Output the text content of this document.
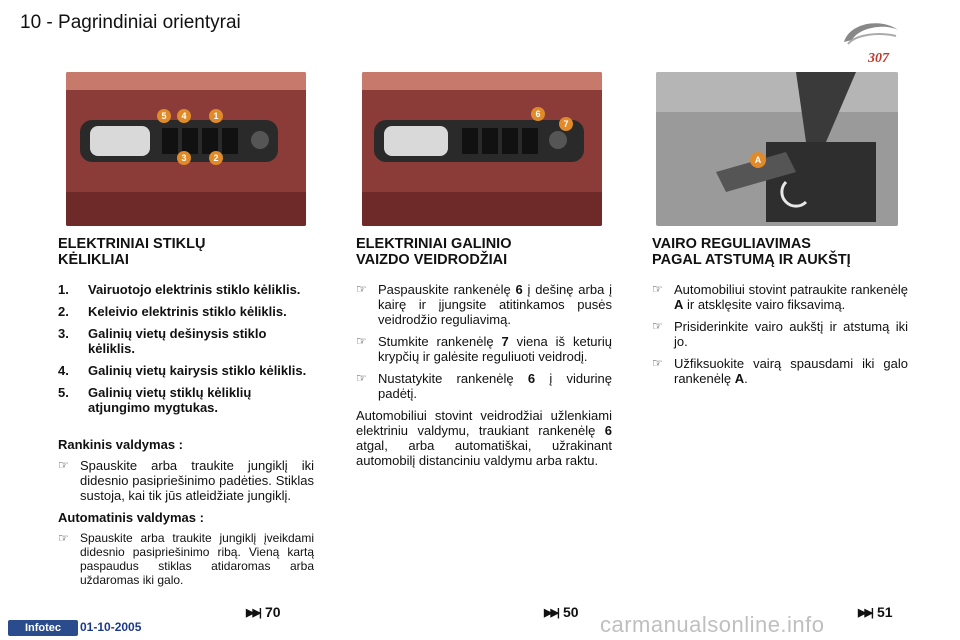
10 - Pagrindiniai orientyrai
307
5 4	1
3	2
6
7
A
ELEKTRINIAI STIKLŲ
KĖLIKLIAI
1.	Vairuotojo elektrinis stiklo kėliklis.
2.	Keleivio elektrinis stiklo kėliklis.
3.	Galinių vietų dešinysis stiklo kėliklis.
4.	Galinių vietų kairysis stiklo kėliklis.
5.	Galinių vietų stiklų kėliklių atjungimo mygtukas.
Rankinis valdymas :
☞ Spauskite arba traukite jungiklį iki didesnio pasipriešinimo padėties. Stiklas sustoja, kai tik jūs atleidžiate jungiklį.
Automatinis valdymas :
☞ Spauskite arba traukite jungiklį įveikdami didesnio pasipriešinimo ribą. Vieną kartą paspaudus stiklas atidaromas arba uždaromas iki galo.
ELEKTRINIAI GALINIO
VAIZDO VEIDRODŽIAI
☞ Paspauskite rankenėlę 6 į dešinę arba į kairę ir įjungsite atitinkamos pusės veidrodžio reguliavimą.
☞ Stumkite rankenėlę 7 viena iš keturių krypčių ir galėsite reguliuoti veidrodį.
☞ Nustatykite rankenėlę 6 į vidurinę padėtį.
Automobiliui stovint veidrodžiai užlenkiami elektriniu valdymu, traukiant rankenėlę 6 atgal, arba automatiškai, užrakinant automobilį distanciniu valdymu arba raktu.
VAIRO REGULIAVIMAS
PAGAL ATSTUMĄ IR AUKŠTĮ
☞ Automobiliui stovint patraukite rankenėlę A ir atsklęsite vairo fiksavimą.
☞ Prisiderinkite vairo aukštį ir atstumą iki jo.
☞ Užfiksuokite vairą spausdami iki galo rankenėlę A.
▶▶| 70	▶▶| 50	▶▶| 51
Infotec	01-10-2005	carmanualsonline.info
